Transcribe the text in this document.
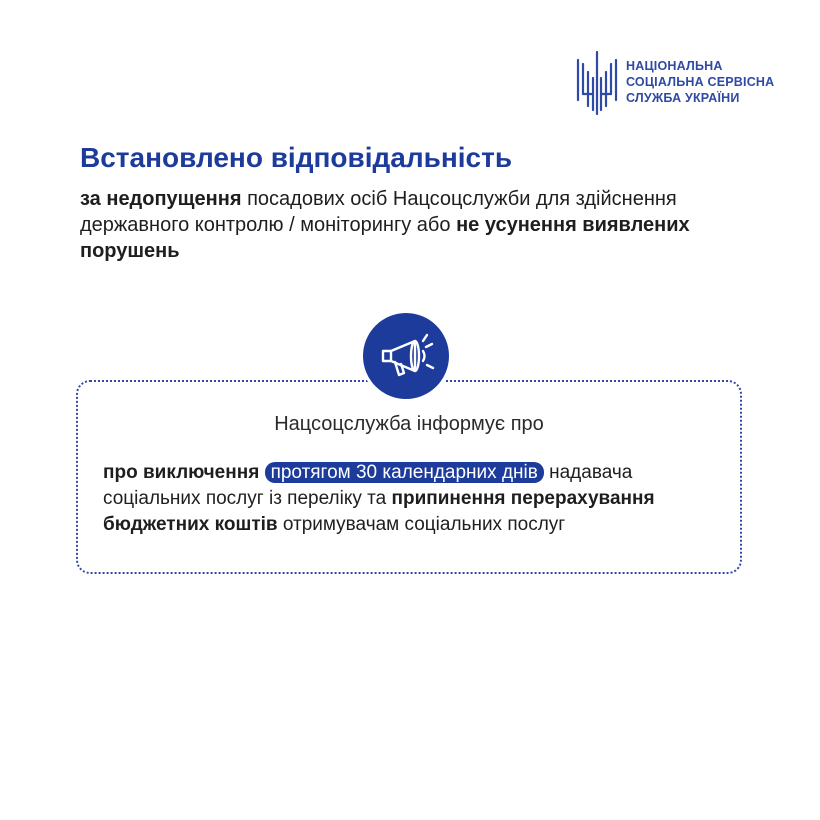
НАЦІОНАЛЬНА
СОЦІАЛЬНА СЕРВІСНА
СЛУЖБА УКРАЇНИ
Встановлено відповідальність
за недопущення посадових осіб Нацсоцслужби для здійснення державного контролю / моніторингу або не усунення виявлених порушень
Нацсоцслужба інформує про
про виключення протягом 30 календарних днів надавача соціальних послуг із переліку та припинення перерахування бюджетних коштів отримувачам соціальних послуг
